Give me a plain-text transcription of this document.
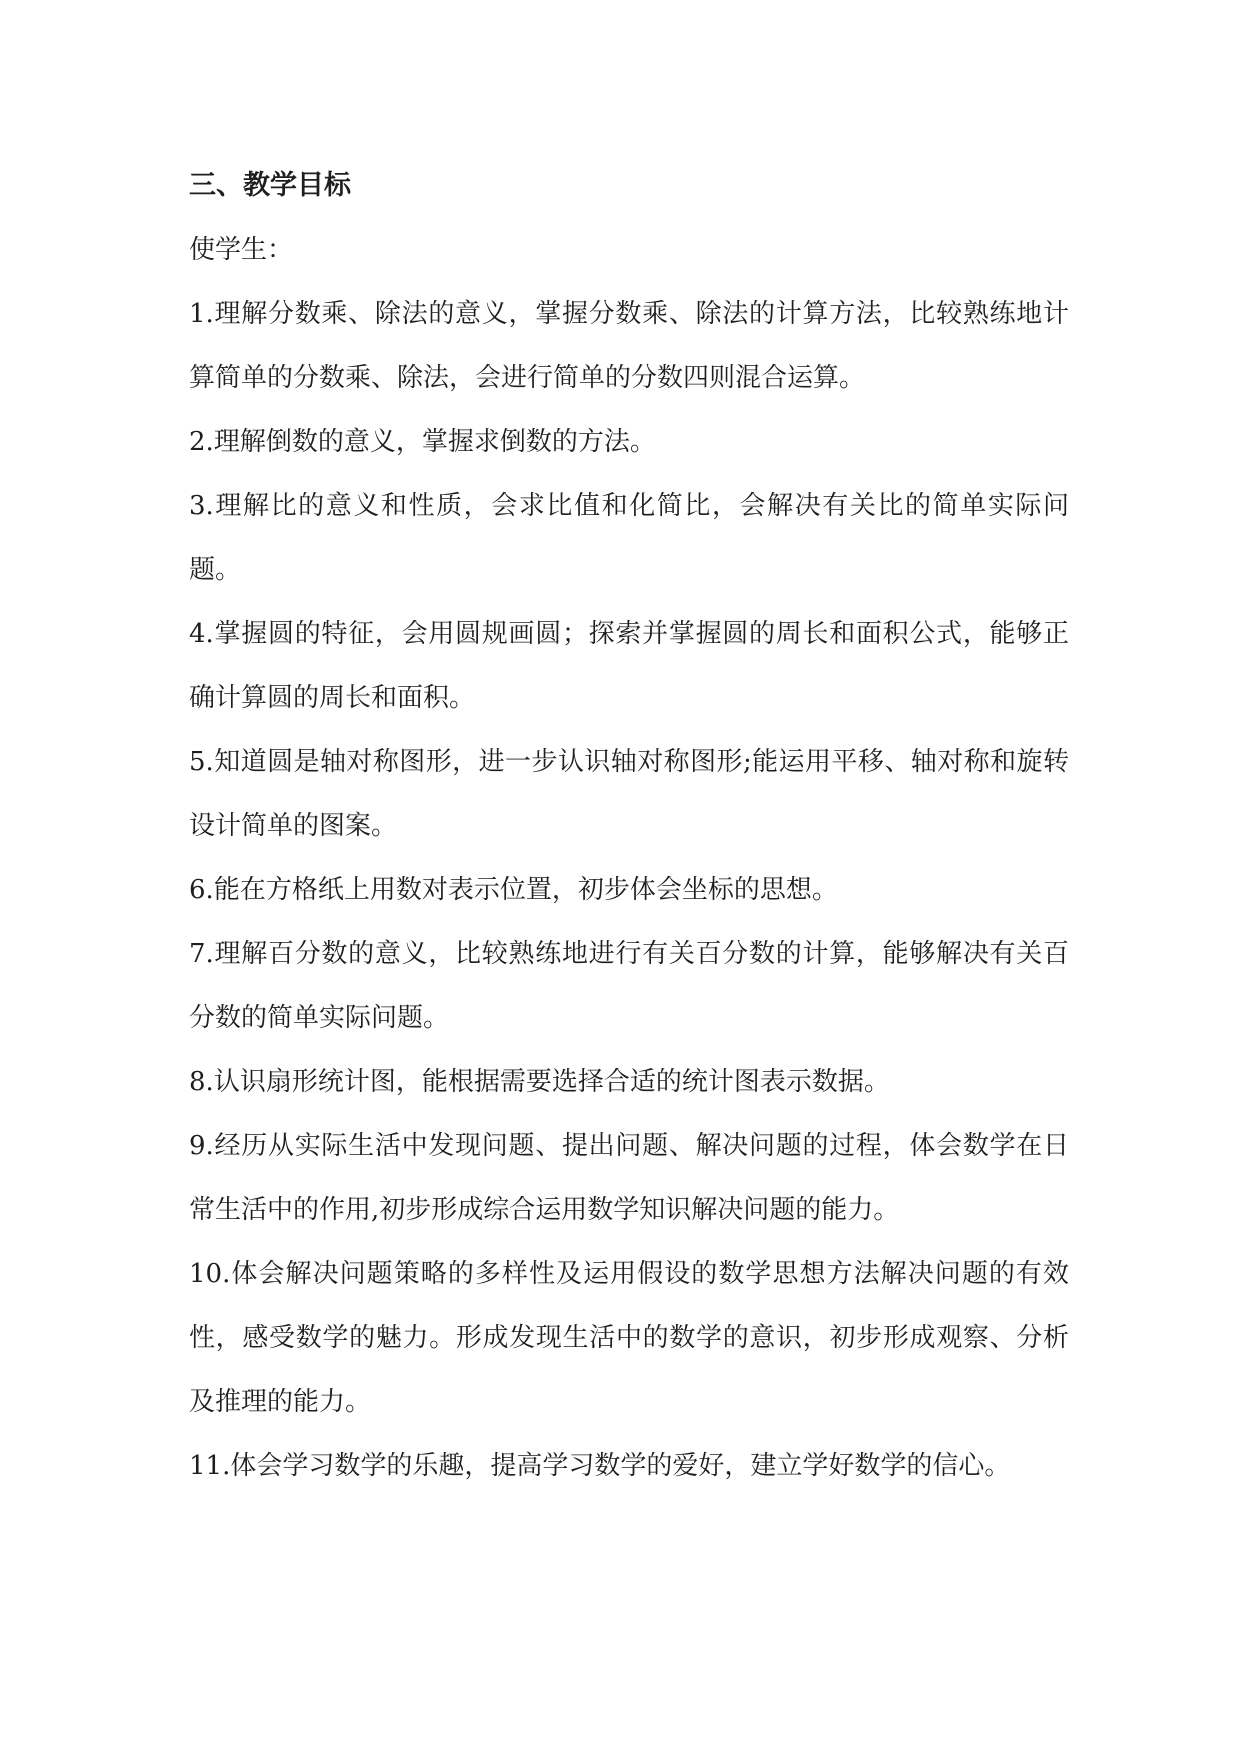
三、教学目标

使学生：

1.理解分数乘、除法的意义，掌握分数乘、除法的计算方法，比较熟练地计算简单的分数乘、除法，会进行简单的分数四则混合运算。
2.理解倒数的意义，掌握求倒数的方法。
3.理解比的意义和性质，会求比值和化简比，会解决有关比的简单实际问题。
4.掌握圆的特征，会用圆规画圆；探索并掌握圆的周长和面积公式，能够正确计算圆的周长和面积。
5.知道圆是轴对称图形，进一步认识轴对称图形;能运用平移、轴对称和旋转设计简单的图案。
6.能在方格纸上用数对表示位置，初步体会坐标的思想。
7.理解百分数的意义，比较熟练地进行有关百分数的计算，能够解决有关百分数的简单实际问题。
8.认识扇形统计图，能根据需要选择合适的统计图表示数据。
9.经历从实际生活中发现问题、提出问题、解决问题的过程，体会数学在日常生活中的作用,初步形成综合运用数学知识解决问题的能力。
10.体会解决问题策略的多样性及运用假设的数学思想方法解决问题的有效性，感受数学的魅力。形成发现生活中的数学的意识，初步形成观察、分析及推理的能力。
11.体会学习数学的乐趣，提高学习数学的爱好，建立学好数学的信心。
